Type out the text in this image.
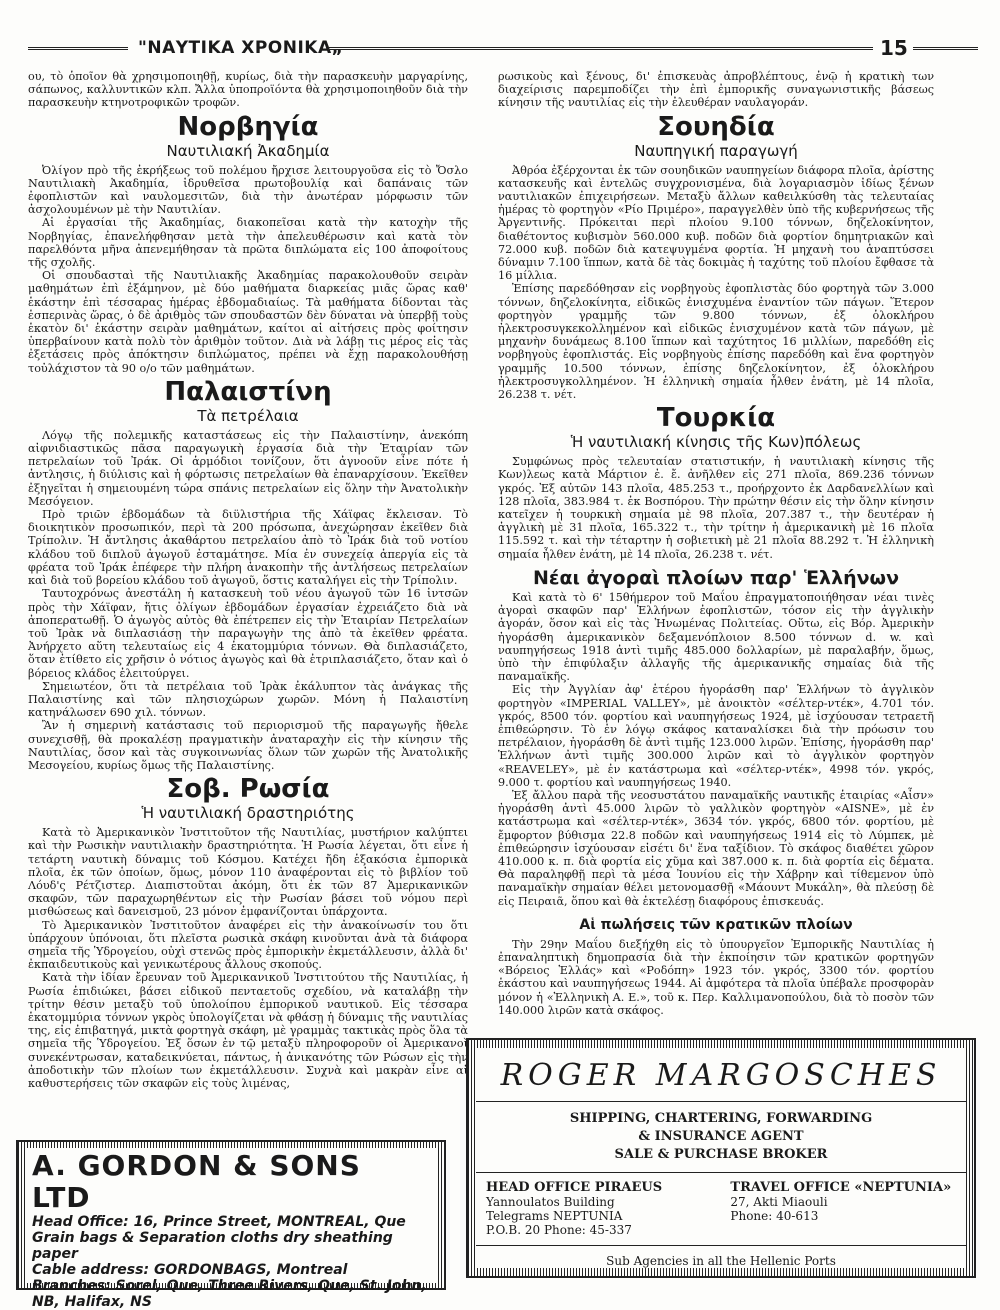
"ΝΑΥΤΙΚΑ ΧΡΟΝΙΚΑ„	15

ου, τὸ ὁποῖον θὰ χρησιμοποιηθῇ, κυρίως, διὰ τὴν παρασκευὴν μαργαρίνης, σάπωνος, καλλυντικῶν κλπ. Ἄλλα ὑποπροϊόντα θὰ χρησιμοποιηθοῦν διὰ τὴν παρασκευὴν κτηνοτροφικῶν τροφῶν.

Νορβηγία
Ναυτιλιακή Ἀκαδημία

Ὀλίγον πρὸ τῆς ἐκρήξεως τοῦ πολέμου ἤρχισε λειτουργοῦσα εἰς τὸ Ὄσλο Ναυτιλιακὴ Ἀκαδημία, ἱδρυθεῖσα πρωτοβουλίᾳ καὶ δαπάναις τῶν ἐφοπλιστῶν καὶ ναυλομεσιτῶν, διὰ τὴν ἀνωτέραν μόρφωσιν τῶν ἀσχολουμένων μὲ τὴν Ναυτιλίαν.

Αἱ ἐργασίαι τῆς Ἀκαδημίας, διακοπεῖσαι κατὰ τὴν κατοχὴν τῆς Νορβηγίας, ἐπανελήφθησαν μετὰ τὴν ἀπελευθέρωσιν καὶ κατὰ τὸν παρελθόντα μῆνα ἀπενεμήθησαν τὰ πρῶτα διπλώματα εἰς 100 ἀποφοίτους τῆς σχολῆς.

Οἱ σπουδασταὶ τῆς Ναυτιλιακῆς Ἀκαδημίας παρακολουθοῦν σειρὰν μαθημάτων ἐπὶ ἑξάμηνον, μὲ δύο μαθήματα διαρκείας μιᾶς ὥρας καθ' ἑκάστην ἐπὶ τέσσαρας ἡμέρας ἑβδομαδιαίως. Τὰ μαθήματα δίδονται τὰς ἑσπερινὰς ὥρας, ὁ δὲ ἀριθμὸς τῶν σπουδαστῶν δὲν δύναται νὰ ὑπερβῇ τοὺς ἑκατὸν δι' ἑκάστην σειρὰν μαθημάτων, καίτοι αἱ αἰτήσεις πρὸς φοίτησιν ὑπερβαίνουν κατὰ πολὺ τὸν ἀριθμὸν τοῦτον. Διὰ νὰ λάβῃ τις μέρος εἰς τὰς ἐξετάσεις πρὸς ἀπόκτησιν διπλώματος, πρέπει νὰ ἔχῃ παρακολουθήσῃ τοὐλάχιστον τὰ 90 ο/ο τῶν μαθημάτων.

Παλαιστίνη
Τὰ πετρέλαια

Λόγῳ τῆς πολεμικῆς καταστάσεως εἰς τὴν Παλαιστίνην, ἀνεκόπη αἰφνιδιαστικῶς πᾶσα παραγωγικὴ ἐργασία διὰ τὴν Ἑταιρίαν τῶν πετρελαίων τοῦ Ἰράκ. Οἱ ἁρμόδιοι τονίζουν, ὅτι ἀγνοοῦν εἶνε πότε ἡ ἀντλησις, ἡ διύλισις καὶ ἡ φόρτωσις πετρελαίων θὰ ἐπαναρχίσουν. Ἐκεῖθεν ἐξηγεῖται ἡ σημειουμένη τώρα σπάνις πετρελαίων εἰς ὅλην τὴν Ἀνατολικὴν Μεσόγειον.

Πρὸ τριῶν ἑβδομάδων τὰ διϋλιστήρια τῆς Χάϊφας ἔκλεισαν. Τὸ διοικητικὸν προσωπικόν, περὶ τὰ 200 πρόσωπα, ἀνεχώρησαν ἐκεῖθεν διὰ Τρίπολιν. Ἡ ἄντλησις ἀκαθάρτου πετρελαίου ἀπὸ τὸ Ἰράκ διὰ τοῦ νοτίου κλάδου τοῦ διπλοῦ ἀγωγοῦ ἐσταμάτησε. Μία ἐν συνεχείᾳ ἀπεργία εἰς τὰ φρέατα τοῦ Ἰράκ ἐπέφερε τὴν πλήρη ἀνακοπὴν τῆς ἀντλήσεως πετρελαίων καὶ διὰ τοῦ βορείου κλάδου τοῦ ἀγωγοῦ, ὅστις καταλήγει εἰς τὴν Τρίπολιν.

Ταυτοχρόνως ἀνεστάλη ἡ κατασκευὴ τοῦ νέου ἀγωγοῦ τῶν 16 ἰντσῶν πρὸς τὴν Χάϊφαν, ἥτις ὀλίγων ἑβδομάδων ἐργασίαν ἐχρειάζετο διὰ νὰ ἀποπερατωθῇ. Ὁ ἀγωγὸς αὐτὸς θὰ ἐπέτρεπεν εἰς τὴν Ἑταιρίαν Πετρελαίων τοῦ Ἰρὰκ νὰ διπλασιάσῃ τὴν παραγωγὴν της ἀπὸ τὰ ἐκεῖθεν φρέατα. Ἀνήρχετο αὕτη τελευταίως εἰς 4 ἑκατομμύρια τόννων. Θὰ διπλασιάζετο, ὅταν ἐτίθετο εἰς χρῆσιν ὁ νότιος ἀγωγὸς καὶ θὰ ἐτριπλασιάζετο, ὅταν καὶ ὁ βόρειος κλάδος ἐλειτούργει.

Σημειωτέον, ὅτι τὰ πετρέλαια τοῦ Ἰρὰκ ἐκάλυπτον τὰς ἀνάγκας τῆς Παλαιστίνης καὶ τῶν πλησιοχώρων χωρῶν. Μόνη ἡ Παλαιστίνη κατηνάλωσεν 690 χιλ. τόννων.

Ἂν ἡ σημερινὴ κατάστασις τοῦ περιορισμοῦ τῆς παραγωγῆς ἤθελε συνεχισθῇ, θὰ προκαλέσῃ πραγματικὴν ἀναταραχὴν εἰς τὴν κίνησιν τῆς Ναυτιλίας, ὅσον καὶ τὰς συγκοινωνίας ὅλων τῶν χωρῶν τῆς Ἀνατολικῆς Μεσογείου, κυρίως ὅμως τῆς Παλαιστίνης.

Σοβ. Ρωσία
Ἡ ναυτιλιακή δραστηριότης

Κατὰ τὸ Ἀμερικανικὸν Ἰνστιτοῦτον τῆς Ναυτιλίας, μυστήριον καλύπτει καὶ τὴν Ρωσικὴν ναυτιλιακὴν δραστηριότητα. Ἡ Ρωσία λέγεται, ὅτι εἶνε ἡ τετάρτη ναυτικὴ δύναμις τοῦ Κόσμου. Κατέχει ἤδη ἑξακόσια ἐμπορικὰ πλοῖα, ἐκ τῶν ὁποίων, ὅμως, μόνον 110 ἀναφέρονται εἰς τὸ βιβλίον τοῦ Λόυδ'ς Ρέτζιστερ. Διαπιστοῦται ἀκόμη, ὅτι ἐκ τῶν 87 Ἀμερικανικῶν σκαφῶν, τῶν παραχωρηθέντων εἰς τὴν Ρωσίαν βάσει τοῦ νόμου περὶ μισθώσεως καὶ δανεισμοῦ, 23 μόνον ἐμφανίζονται ὑπάρχοντα.

Τὸ Ἀμερικανικὸν Ἰνστιτοῦτον ἀναφέρει εἰς τὴν ἀνακοίνωσίν του ὅτι ὑπάρχουν ὑπόνοιαι, ὅτι πλεῖστα ρωσικὰ σκάφη κινοῦνται ἀνὰ τὰ διάφορα σημεῖα τῆς Ὑδρογείου, οὐχὶ στενῶς πρὸς ἐμπορικὴν ἐκμετάλλευσιν, ἀλλὰ δι' ἐκπαιδευτικοὺς καὶ γενικωτέρους ἄλλους σκοπούς.

Κατὰ τὴν ἰδίαν ἔρευναν τοῦ Ἀμερικανικοῦ Ἰνστιτούτου τῆς Ναυτιλίας, ἡ Ρωσία ἐπιδιώκει, βάσει εἰδικοῦ πενταετοῦς σχεδίου, νὰ καταλάβῃ τὴν τρίτην θέσιν μεταξὺ τοῦ ὑπολοίπου ἐμπορικοῦ ναυτικοῦ. Εἰς τέσσαρα ἑκατομμύρια τόννων γκρὸς ὑπολογίζεται νὰ φθάσῃ ἡ δύναμις τῆς ναυτιλίας της, εἰς ἐπιβατηγά, μικτὰ φορτηγὰ σκάφη, μὲ γραμμὰς τακτικὰς πρὸς ὅλα τὰ σημεῖα τῆς Ὑδρογείου. Ἐξ ὅσων ἐν τῷ μεταξὺ πληροφοροῦν οἱ Ἀμερικανοὶ συνεκέντρωσαν, καταδεικνύεται, πάντως, ἡ ἀνικανότης τῶν Ρώσων εἰς τὴν ἀποδοτικὴν τῶν πλοίων των ἐκμετάλλευσιν. Συχνὰ καὶ μακρὰν εἶνε αἱ καθυστερήσεις τῶν σκαφῶν εἰς τοὺς λιμένας,

ρωσικοὺς καὶ ξένους, δι' ἐπισκευὰς ἀπροβλέπτους, ἐνῷ ἡ κρατικὴ των διαχείρισις παρεμποδίζει τὴν ἐπὶ ἐμπορικῆς συναγωνιστικῆς βάσεως κίνησιν τῆς ναυτιλίας εἰς τὴν ἐλευθέραν ναυλαγοράν.

Σουηδία
Ναυπηγική παραγωγή

Ἀθρόα ἐξέρχονται ἐκ τῶν σουηδικῶν ναυπηγείων διάφορα πλοῖα, ἀρίστης κατασκευῆς καὶ ἐντελῶς συγχρονισμένα, διὰ λογαριασμὸν ἰδίως ξένων ναυτιλιακῶν ἐπιχειρήσεων. Μεταξὺ ἄλλων καθειλκύσθη τὰς τελευταίας ἡμέρας τὸ φορτηγὸν «Ρίο Πριμέρο», παραγγελθὲν ὑπὸ τῆς κυβερνήσεως τῆς Ἀργεντινῆς. Πρόκειται περὶ πλοίου 9.100 τόννων, δηζελοκίνητον, διαθέτοντος κυβισμὸν 560.000 κυβ. ποδῶν διὰ φορτίον δημητριακῶν καὶ 72.000 κυβ. ποδῶν διὰ κατεψυγμένα φορτία. Ἡ μηχανὴ του ἀναπτύσσει δύναμιν 7.100 ἵππων, κατὰ δὲ τὰς δοκιμὰς ἡ ταχύτης τοῦ πλοίου ἔφθασε τὰ 16 μίλλια.

Ἐπίσης παρεδόθησαν εἰς νορβηγοὺς ἐφοπλιστὰς δύο φορτηγὰ τῶν 3.000 τόννων, δηζελοκίνητα, εἰδικῶς ἐνισχυμένα ἐναντίον τῶν πάγων. Ἕτερον φορτηγὸν γραμμῆς τῶν 9.800 τόννων, ἐξ ὁλοκλήρου ἠλεκτροσυγκεκολλημένον καὶ εἰδικῶς ἐνισχυμένον κατὰ τῶν πάγων, μὲ μηχανὴν δυνάμεως 8.100 ἵππων καὶ ταχύτητος 16 μιλλίων, παρεδόθη εἰς νορβηγοὺς ἐφοπλιστάς. Εἰς νορβηγοὺς ἐπίσης παρεδόθη καὶ ἕνα φορτηγὸν γραμμῆς 10.500 τόννων, ἐπίσης δηζελοκίνητον, ἐξ ὁλοκλήρου ἠλεκτροσυγκολλημένον. Ἡ ἑλληνικὴ σημαία ἦλθεν ἐνάτη, μὲ 14 πλοῖα, 26.238 τ. νέτ.

Τουρκία
Ἡ ναυτιλιακή κίνησις τῆς Κων)πόλεως

Συμφώνως πρὸς τελευταίαν στατιστικήν, ἡ ναυτιλιακὴ κίνησις τῆς Κων)λεως κατὰ Μάρτιον ἐ. ἔ. ἀνῆλθεν εἰς 271 πλοῖα, 869.236 τόννων γκρός. Ἐξ αὐτῶν 143 πλοῖα, 485.253 τ., προήρχοντο ἐκ Δαρδανελλίων καὶ 128 πλοῖα, 383.984 τ. ἐκ Βοσπόρου. Τὴν πρώτην θέσιν εἰς τὴν ὅλην κίνησιν κατεῖχεν ἡ τουρκικὴ σημαία μὲ 98 πλοῖα, 207.387 τ., τὴν δευτέραν ἡ ἀγγλικὴ μὲ 31 πλοῖα, 165.322 τ., τὴν τρίτην ἡ ἀμερικανικὴ μὲ 16 πλοῖα 115.592 τ. καὶ τὴν τέταρτην ἡ σοβιετικὴ μὲ 21 πλοῖα 88.292 τ. Ἡ ἑλληνικὴ σημαία ἦλθεν ἐνάτη, μὲ 14 πλοῖα, 26.238 τ. νέτ.

Νέαι ἀγοραὶ πλοίων παρ' Ἑλλήνων

Καὶ κατὰ τὸ 6' 15θήμερον τοῦ Μαΐου ἐπραγματοποιήθησαν νέαι τινὲς ἀγοραὶ σκαφῶν παρ' Ἑλλήνων ἐφοπλιστῶν, τόσον εἰς τὴν ἀγγλικὴν ἀγοράν, ὅσον καὶ εἰς τὰς Ἡνωμένας Πολιτείας. Οὕτω, εἰς Βόρ. Ἀμερικὴν ἠγοράσθη ἀμερικανικὸν δεξαμενόπλοιον 8.500 τόννων d. w. καὶ ναυπηγήσεως 1918 ἀντὶ τιμῆς 485.000 δολλαρίων, μὲ παραλαβήν, ὅμως, ὑπὸ τὴν ἐπιφύλαξιν ἀλλαγῆς τῆς ἀμερικανικῆς σημαίας διὰ τῆς παναμαϊκῆς.

Εἰς τὴν Ἀγγλίαν ἀφ' ἑτέρου ἠγοράσθη παρ' Ἑλλήνων τὸ ἀγγλικὸν φορτηγὸν «IMPERIAL VALLEY», μὲ ἀνοικτὸν «σέλτερ-ντέκ», 4.701 τόν. γκρός, 8500 τόν. φορτίου καὶ ναυπηγήσεως 1924, μὲ ἰσχύουσαν τετραετῆ ἐπιθεώρησιν. Τὸ ἐν λόγῳ σκάφος καταναλίσκει διὰ τὴν πρόωσιν του πετρέλαιον, ἠγοράσθη δὲ ἀντὶ τιμῆς 123.000 λιρῶν. Ἐπίσης, ἠγοράσθη παρ' Ἑλλήνων ἀντὶ τιμῆς 300.000 λιρῶν καὶ τὸ ἀγγλικὸν φορτηγὸν «REAVELEY», μὲ ἐν κατάστρωμα καὶ «σέλτερ-ντέκ», 4998 τόν. γκρός, 9.000 τ. φορτίου καὶ ναυπηγήσεως 1940.

Ἐξ ἄλλου παρὰ τῆς νεοσυστάτου παναμαϊκῆς ναυτικῆς ἑταιρίας «Αἶσν» ἠγοράσθη ἀντὶ 45.000 λιρῶν τὸ γαλλικὸν φορτηγὸν «AISNE», μὲ ἐν κατάστρωμα καὶ «σέλτερ-ντέκ», 3634 τόν. γκρός, 6800 τόν. φορτίου, μὲ ἔμφορτον βύθισμα 22.8 ποδῶν καὶ ναυπηγήσεως 1914 εἰς τὸ Λύμπεκ, μὲ ἐπιθεώρησιν ἰσχύουσαν εἰσέτι δι' ἕνα ταξίδιον. Τὸ σκάφος διαθέτει χῶρον 410.000 κ. π. διὰ φορτία εἰς χῦμα καὶ 387.000 κ. π. διὰ φορτία εἰς δέματα. Θὰ παραληφθῇ περὶ τὰ μέσα Ἰουνίου εἰς τὴν Χάβρην καὶ τίθεμενον ὑπὸ παναμαϊκὴν σημαίαν θέλει μετονομασθῇ «Μάουντ Μυκάλη», θὰ πλεύσῃ δὲ εἰς Πειραιᾶ, ὅπου καὶ θὰ ἐκτελέσῃ διαφόρους ἐπισκευάς.

Αἱ πωλήσεις τῶν κρατικῶν πλοίων

Τὴν 29ην Μαΐου διεξήχθη εἰς τὸ ὑπουργεῖον Ἐμπορικῆς Ναυτιλίας ἡ ἐπαναληπτικὴ δημοπρασία διὰ τὴν ἐκποίησιν τῶν κρατικῶν φορτηγῶν «Βόρειος Ἑλλάς» καὶ «Ροδόπη» 1923 τόν. γκρός, 3300 τόν. φορτίου ἑκάστου καὶ ναυπηγήσεως 1944. Αἱ ἀμφότερα τὰ πλοῖα ὑπέβαλε προσφορὰν μόνον ἡ «Ἑλληνικὴ Α. Ε.», τοῦ κ. Περ. Καλλιμανοπούλου, διὰ τὸ ποσὸν τῶν 140.000 λιρῶν κατὰ σκάφος.

A. GORDON & SONS LTD
Head Office: 16, Prince Street, MONTREAL, Que
Grain bags & Separation cloths dry sheathing paper
Cable address: GORDONBAGS, Montreal
Branches: Sorel, Que, Three Rivers, Que, St. John,
NB, Halifax, NS
ROGER MARGOSCHES
SHIPPING, CHARTERING, FORWARDING
& INSURANCE AGENT
SALE & PURCHASE BROKER
HEAD OFFICE PIRAEUS
Yannoulatos Building
Telegrams NEPTUNIA
P.O.B. 20 Phone: 45-337
TRAVEL OFFICE «NEPTUNIA»
27, Akti Miaouli
Phone: 40-613
Sub Agencies in all the Hellenic Ports
